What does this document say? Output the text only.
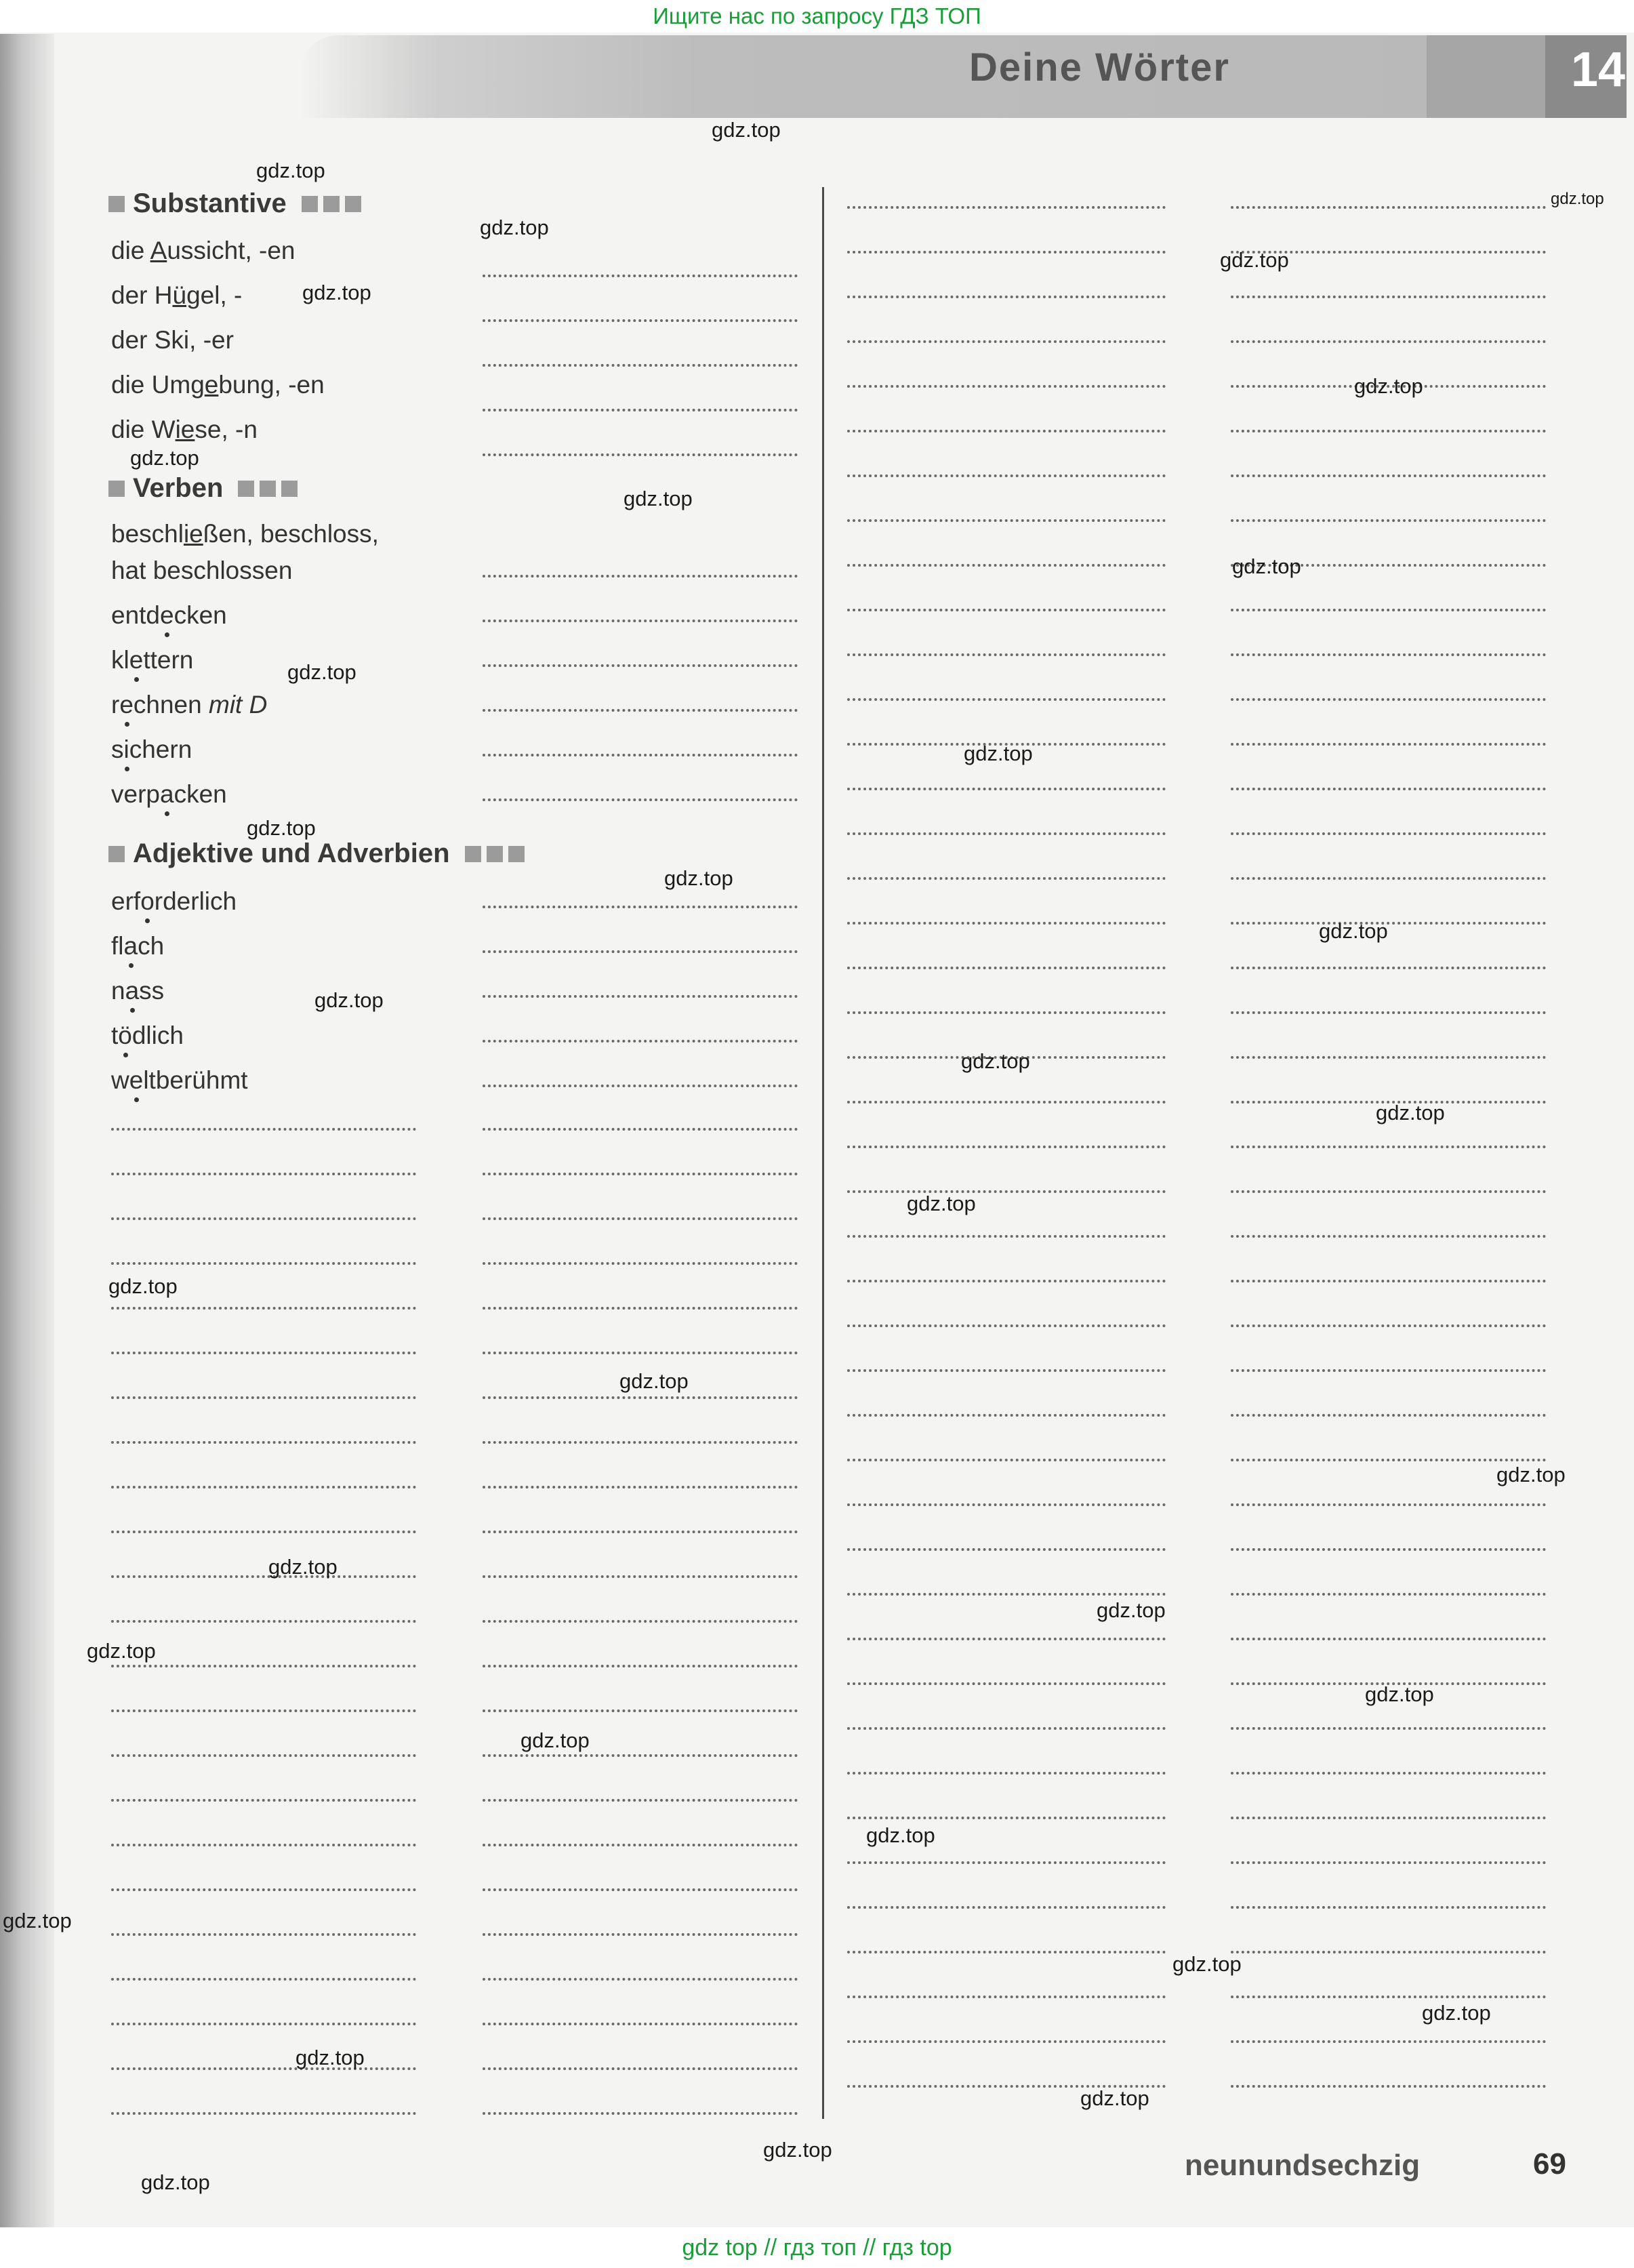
Ищите нас по запросу ГДЗ ТОП
Deine Wörter	14
Substantive
die Aussicht, -en
der Hügel, -
der Ski, -er
die Umgebung, -en
die Wiese, -n
Verben
beschließen, beschloss,
hat beschlossen
entdecken
klettern
rechnen mit D
sichern
verpacken
Adjektive und Adverbien
erforderlich
flach
nass
tödlich
weltberühmt
neunundsechzig	69
gdz.top
gdz.top
gdz.top
gdz.top
gdz.top
gdz.top
gdz.top
gdz.top
gdz.top
gdz.top
gdz.top
gdz.top
gdz.top
gdz.top
gdz.top
gdz.top
gdz.top
gdz.top
gdz.top
gdz.top
gdz.top
gdz.top
gdz.top
gdz.top
gdz.top
gdz.top
gdz.top
gdz.top
gdz.top
gdz.top
gdz.top
gdz.top
gdz.top
gdz.top
gdz.top
gdz top // гдз топ // гдз top
